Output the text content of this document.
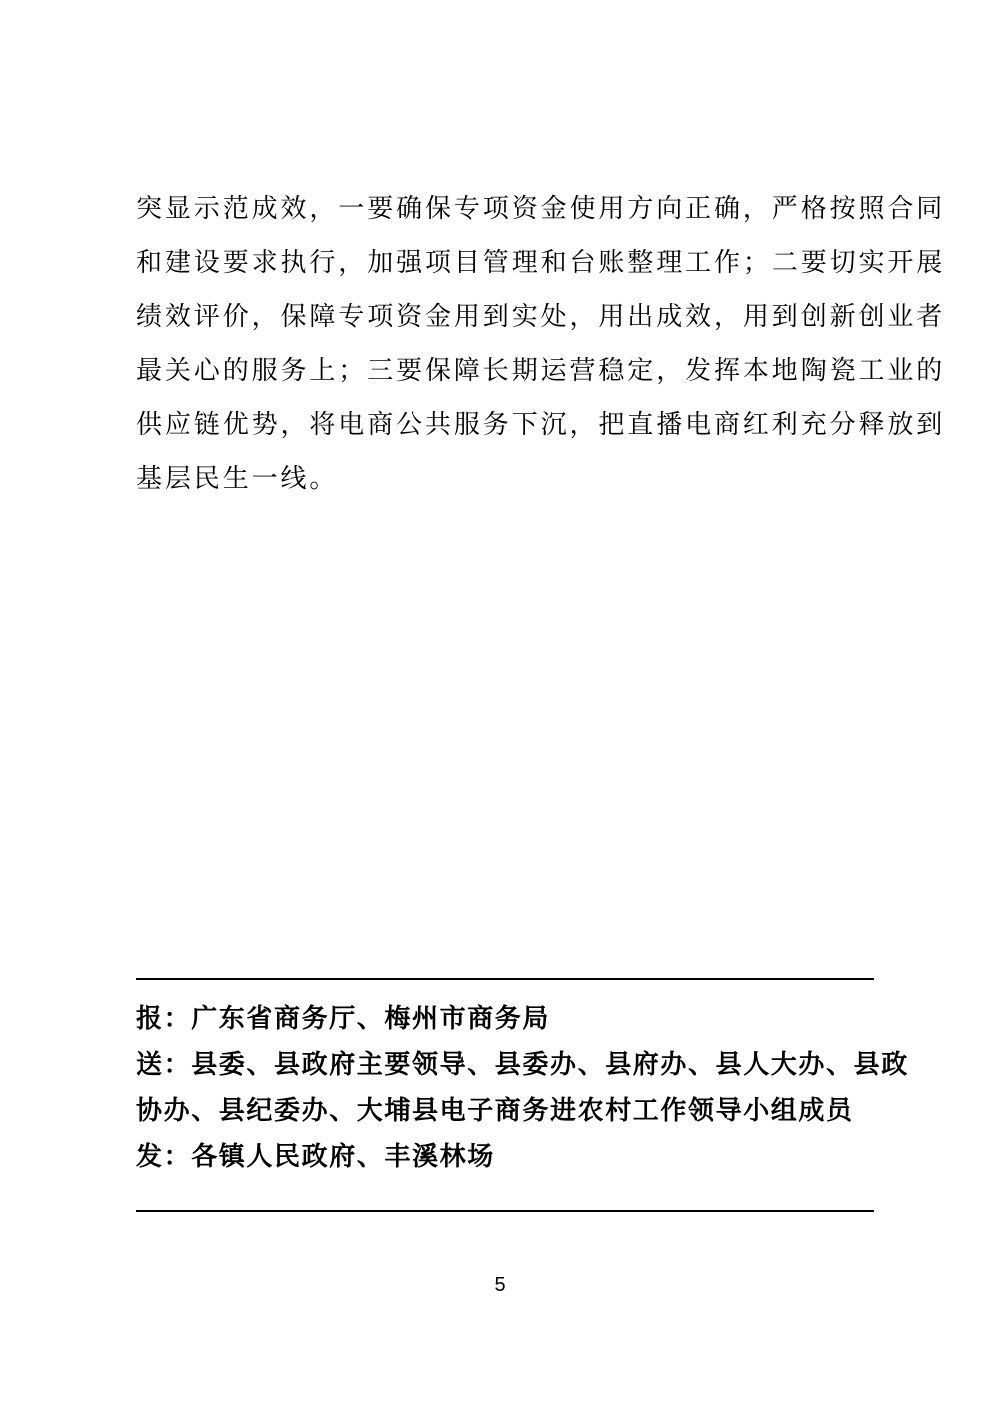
突显示范成效，一要确保专项资金使用方向正确，严格按照合同
和建设要求执行，加强项目管理和台账整理工作；二要切实开展
绩效评价，保障专项资金用到实处，用出成效，用到创新创业者
最关心的服务上；三要保障长期运营稳定，发挥本地陶瓷工业的
供应链优势，将电商公共服务下沉，把直播电商红利充分释放到
基层民生一线。
报：广东省商务厅、梅州市商务局
送：县委、县政府主要领导、县委办、县府办、县人大办、县政
协办、县纪委办、大埔县电子商务进农村工作领导小组成员
发：各镇人民政府、丰溪林场
5
